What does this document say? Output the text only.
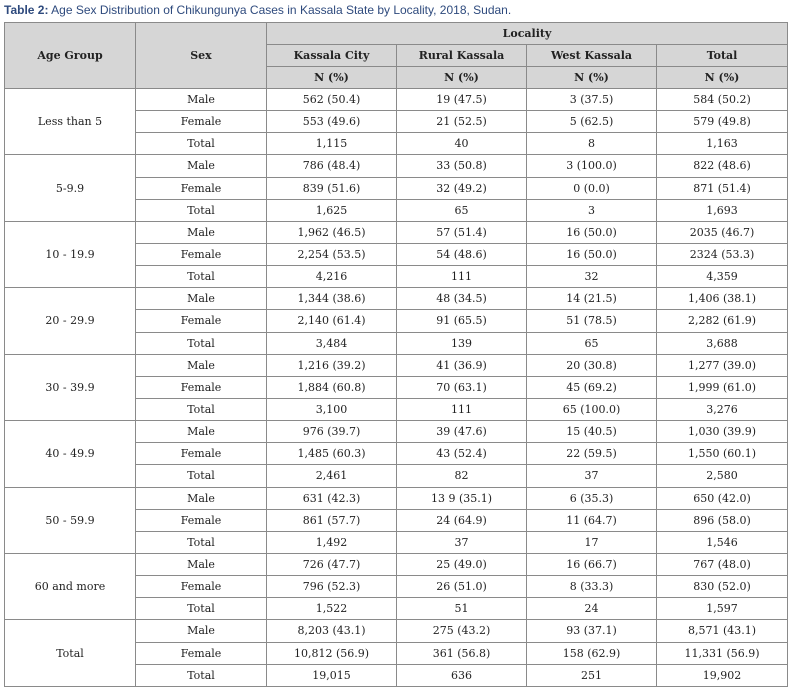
Table 2: Age Sex Distribution of Chikungunya Cases in Kassala State by Locality, 2018, Sudan.
Age Group	Sex	Locality			
		Kassala City	Rural Kassala	West Kassala	Total
		N (%)	N (%)	N (%)	N (%)
Less than 5	Male	562 (50.4)	19 (47.5)	3 (37.5)	584 (50.2)
	Female	553 (49.6)	21 (52.5)	5 (62.5)	579 (49.8)
	Total	1,115	40	8	1,163
5-9.9	Male	786 (48.4)	33 (50.8)	3 (100.0)	822 (48.6)
	Female	839 (51.6)	32 (49.2)	0 (0.0)	871 (51.4)
	Total	1,625	65	3	1,693
10 - 19.9	Male	1,962 (46.5)	57 (51.4)	16 (50.0)	2035 (46.7)
	Female	2,254 (53.5)	54 (48.6)	16 (50.0)	2324 (53.3)
	Total	4,216	111	32	4,359
20 - 29.9	Male	1,344 (38.6)	48 (34.5)	14 (21.5)	1,406 (38.1)
	Female	2,140 (61.4)	91 (65.5)	51 (78.5)	2,282 (61.9)
	Total	3,484	139	65	3,688
30 - 39.9	Male	1,216 (39.2)	41 (36.9)	20 (30.8)	1,277 (39.0)
	Female	1,884 (60.8)	70 (63.1)	45 (69.2)	1,999 (61.0)
	Total	3,100	111	65 (100.0)	3,276
40 - 49.9	Male	976 (39.7)	39 (47.6)	15 (40.5)	1,030 (39.9)
	Female	1,485 (60.3)	43 (52.4)	22 (59.5)	1,550 (60.1)
	Total	2,461	82	37	2,580
50 - 59.9	Male	631 (42.3)	13 9 (35.1)	6 (35.3)	650 (42.0)
	Female	861 (57.7)	24 (64.9)	11 (64.7)	896 (58.0)
	Total	1,492	37	17	1,546
60 and more	Male	726 (47.7)	25 (49.0)	16 (66.7)	767 (48.0)
	Female	796 (52.3)	26 (51.0)	8 (33.3)	830 (52.0)
	Total	1,522	51	24	1,597
Total	Male	8,203 (43.1)	275 (43.2)	93 (37.1)	8,571 (43.1)
	Female	10,812 (56.9)	361 (56.8)	158 (62.9)	11,331 (56.9)
	Total	19,015	636	251	19,902
